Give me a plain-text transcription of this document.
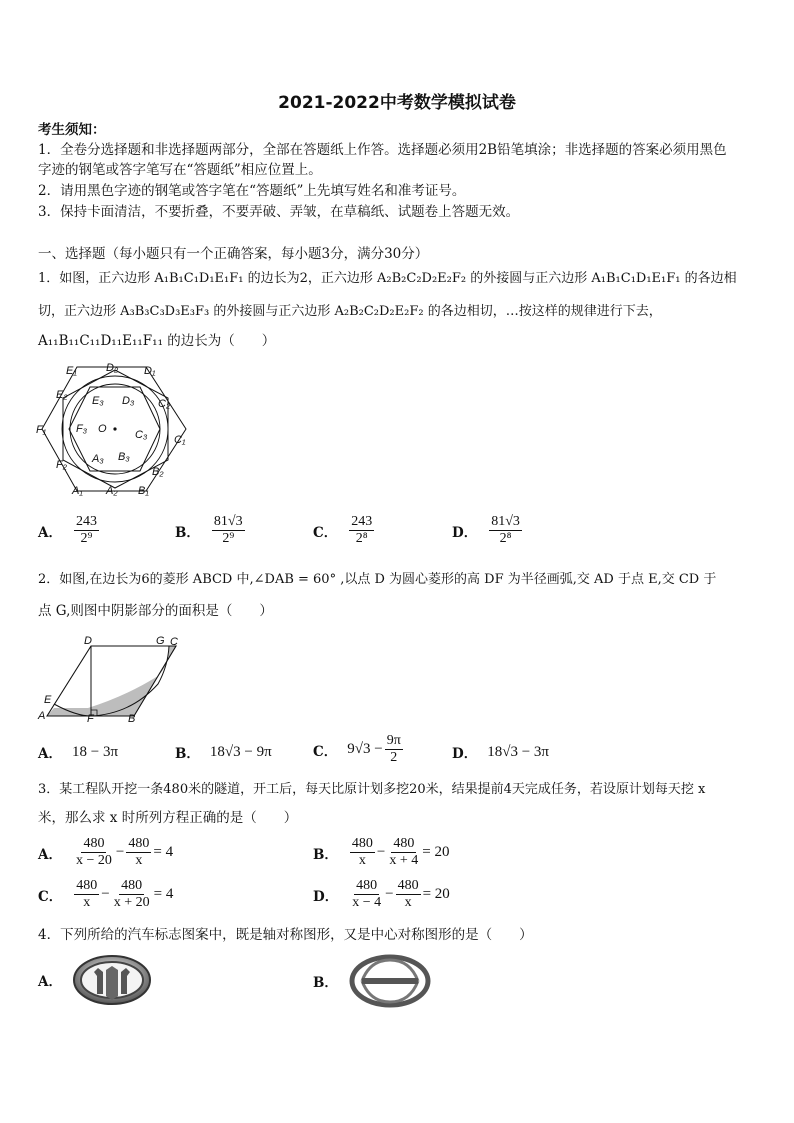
2021-2022中考数学模拟试卷
考生须知：
1．全卷分选择题和非选择题两部分，全部在答题纸上作答。选择题必须用2B铅笔填涂；非选择题的答案必须用黑色
字迹的钢笔或答字笔写在“答题纸”相应位置上。
2．请用黑色字迹的钢笔或答字笔在“答题纸”上先填写姓名和准考证号。
3．保持卡面清洁，不要折叠，不要弄破、弄皱，在草稿纸、试题卷上答题无效。
一、选择题（每小题只有一个正确答案，每小题3分，满分30分）
1．如图，正六边形 A₁B₁C₁D₁E₁F₁ 的边长为2，正六边形 A₂B₂C₂D₂E₂F₂ 的外接圆与正六边形 A₁B₁C₁D₁E₁F₁ 的各边相
切，正六边形 A₃B₃C₃D₃E₃F₃ 的外接圆与正六边形 A₂B₂C₂D₂E₂F₂ 的各边相切，…按这样的规律进行下去，
A₁₁B₁₁C₁₁D₁₁E₁₁F₁₁ 的边长为（　　）
D₂ D₁
E₁
E₂ E₃ D₃ C₂
F₁	F₃ O	C₃ C₁
F₂ A₃ B₃
B₂
A₁ A₂ B₁
A． $\frac{243}{\text{2⁹}}$	B． $\frac{81√3}{\text{2⁹}}$	C． $\frac{243}{\text{2⁸}}$	D． $\frac{81√3}{\text{2⁸}}$
2．如图,在边长为6的菱形 ABCD 中,∠DAB = 60° ,以点 D 为圆心菱形的高 DF 为半径画弧,交 AD 于点 E,交 CD 于
点 G,则图中阴影部分的面积是（　　）
D	G C
E
A	F	B
A． 18 − 3π	B． 18√3 − 9π	C． $9√3 - \frac{9\pi}{2}$	D． 18√3 − 3π
3．某工程队开挖一条480米的隧道，开工后，每天比原计划多挖20米，结果提前4天完成任务，若设原计划每天挖 x
米，那么求 x 时所列方程正确的是（　　）
A． $\frac{480}{x - 20} - \frac{480}{x} = 4$	B． $\frac{480}{x} - \frac{480}{x + 4} = 20$
C． $\frac{480}{x} - \frac{480}{x + 20} = 4$	D． $\frac{480}{x - 4} - \frac{480}{x} = 20$
4．下列所给的汽车标志图案中，既是轴对称图形，又是中心对称图形的是（　　）
A．	B．
